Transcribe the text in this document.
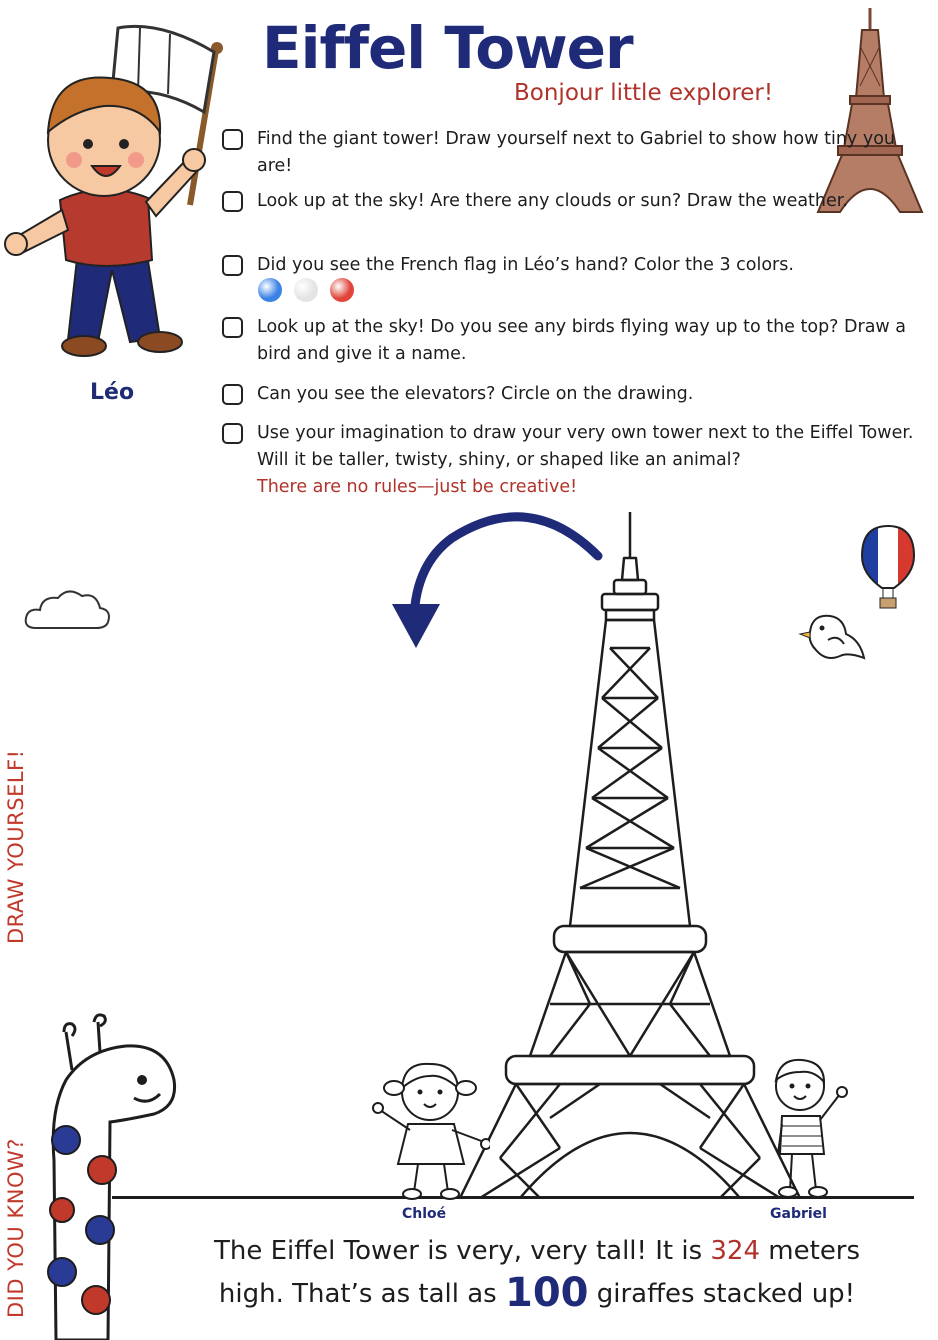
Eiffel Tower
Bonjour little explorer!
Léo
Find the giant tower! Draw yourself next to Gabriel to show how tiny you are!
Look up at the sky! Are there any clouds or sun? Draw the weather.
Did you see the French flag in Léo’s hand? Color the 3 colors.
Look up at the sky! Do you see any birds flying way up to the top? Draw a bird and give it a name.
Can you see the elevators? Circle on the drawing.
Use your imagination to draw your very own tower next to the Eiffel Tower. Will it be taller, twisty, shiny, or shaped like an animal?
There are no rules—just be creative!
DRAW YOURSELF!
DID YOU KNOW?	Chloé	Gabriel
The Eiffel Tower is very, very tall! It is 324 meters
high. That’s as tall as 100 giraffes stacked up!
